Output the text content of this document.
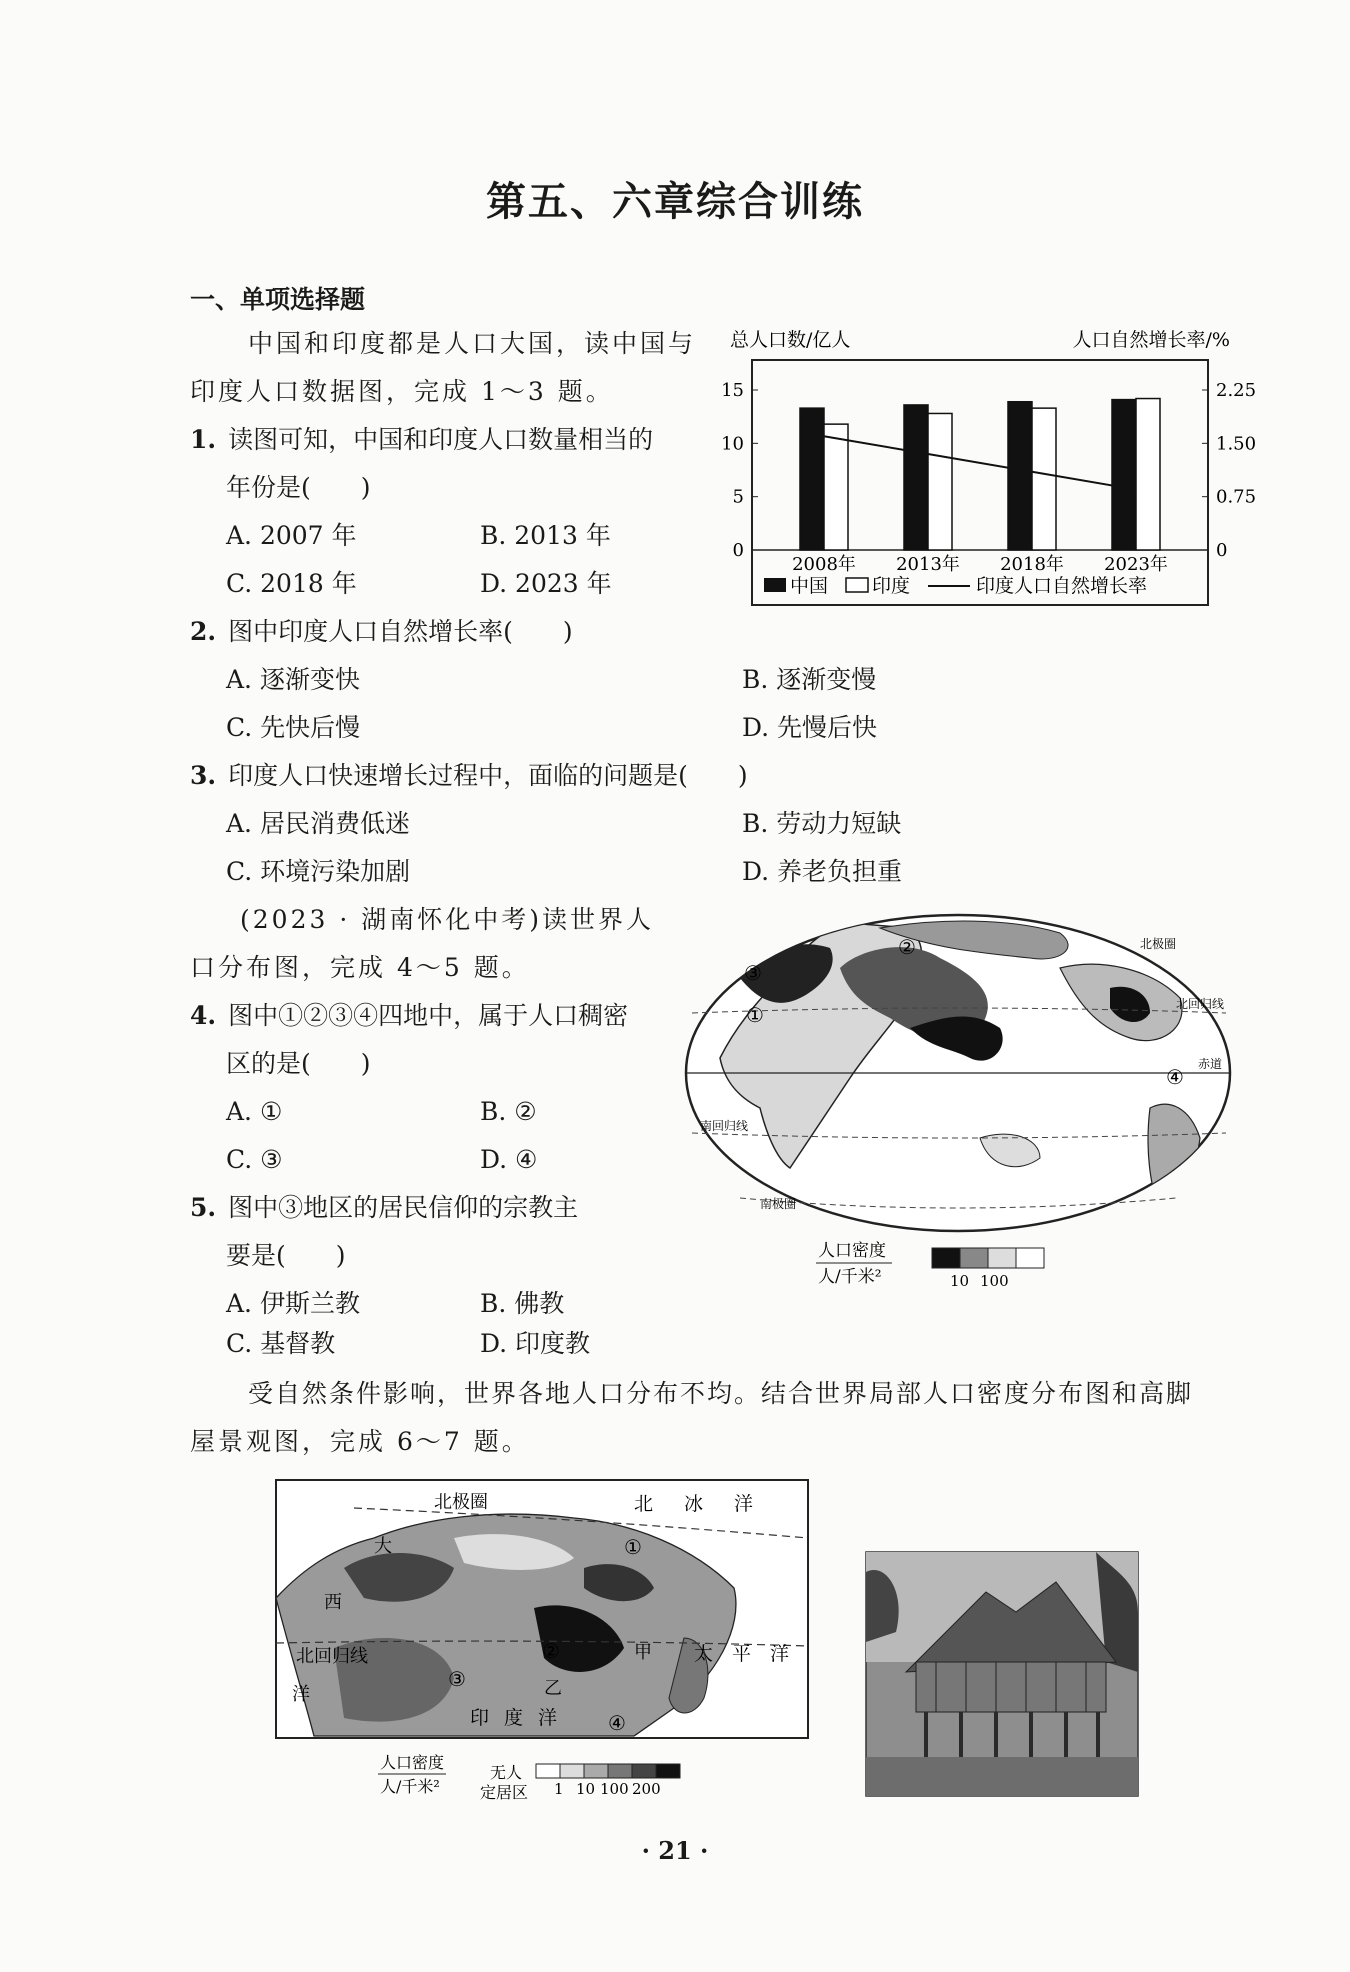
第五、六章综合训练
一、单项选择题
中国和印度都是人口大国，读中国与
印度人口数据图，完成 1～3 题。
1. 读图可知，中国和印度人口数量相当的
年份是(　　)
A. 2007 年	B. 2013 年
C. 2018 年	D. 2023 年
2. 图中印度人口自然增长率(　　)
A. 逐渐变快	B. 逐渐变慢
C. 先快后慢	D. 先慢后快
3. 印度人口快速增长过程中，面临的问题是(　　)
A. 居民消费低迷	B. 劳动力短缺
C. 环境污染加剧	D. 养老负担重
(2023 · 湖南怀化中考)读世界人
口分布图，完成 4～5 题。
4. 图中①②③④四地中，属于人口稠密
区的是(　　)
A. ①	B. ②
C. ③	D. ④
5. 图中③地区的居民信仰的宗教主
要是(　　)
A. 伊斯兰教	B. 佛教
C. 基督教	D. 印度教
受自然条件影响，世界各地人口分布不均。结合世界局部人口密度分布图和高脚
屋景观图，完成 6～7 题。
总人口数/亿人	人口自然增长率/%
0
5
10
15
0
0.75
1.50
2.25
2008年 2013年 2018年 2023年
中国 印度	印度人口自然增长率
北回归线
赤道
南回归线
南极圈
北极圈
①
②
③
④
人口密度
人/千米²	10 100
北 冰 洋
北极圈
大
西
北回归线
洋
太 平 洋
印 度 洋
甲
乙
①
②
③
④
人口密度
人/千米²
无人
定居区 1 10 100 200
· 21 ·
